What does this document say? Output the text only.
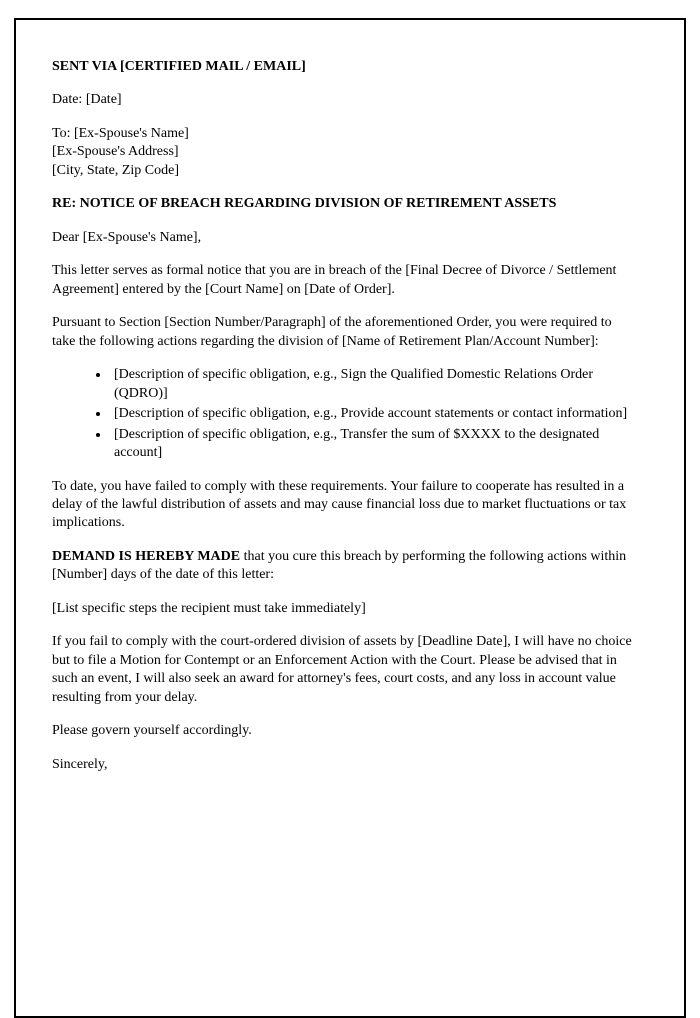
SENT VIA [CERTIFIED MAIL / EMAIL]

Date: [Date]

To: [Ex-Spouse's Name]

[Ex-Spouse's Address]

[City, State, Zip Code]

RE: NOTICE OF BREACH REGARDING DIVISION OF RETIREMENT ASSETS

Dear [Ex-Spouse's Name],

This letter serves as formal notice that you are in breach of the [Final Decree of Divorce / Settlement Agreement] entered by the [Court Name] on [Date of Order].

Pursuant to Section [Section Number/Paragraph] of the aforementioned Order, you were required to take the following actions regarding the division of [Name of Retirement Plan/Account Number]:

• [Description of specific obligation, e.g., Sign the Qualified Domestic Relations Order (QDRO)]
• [Description of specific obligation, e.g., Provide account statements or contact information]
• [Description of specific obligation, e.g., Transfer the sum of $XXXX to the designated account]

To date, you have failed to comply with these requirements. Your failure to cooperate has resulted in a delay of the lawful distribution of assets and may cause financial loss due to market fluctuations or tax implications.

DEMAND IS HEREBY MADE that you cure this breach by performing the following actions within [Number] days of the date of this letter:

[List specific steps the recipient must take immediately]

If you fail to comply with the court-ordered division of assets by [Deadline Date], I will have no choice but to file a Motion for Contempt or an Enforcement Action with the Court. Please be advised that in such an event, I will also seek an award for attorney's fees, court costs, and any loss in account value resulting from your delay.

Please govern yourself accordingly.

Sincerely,
